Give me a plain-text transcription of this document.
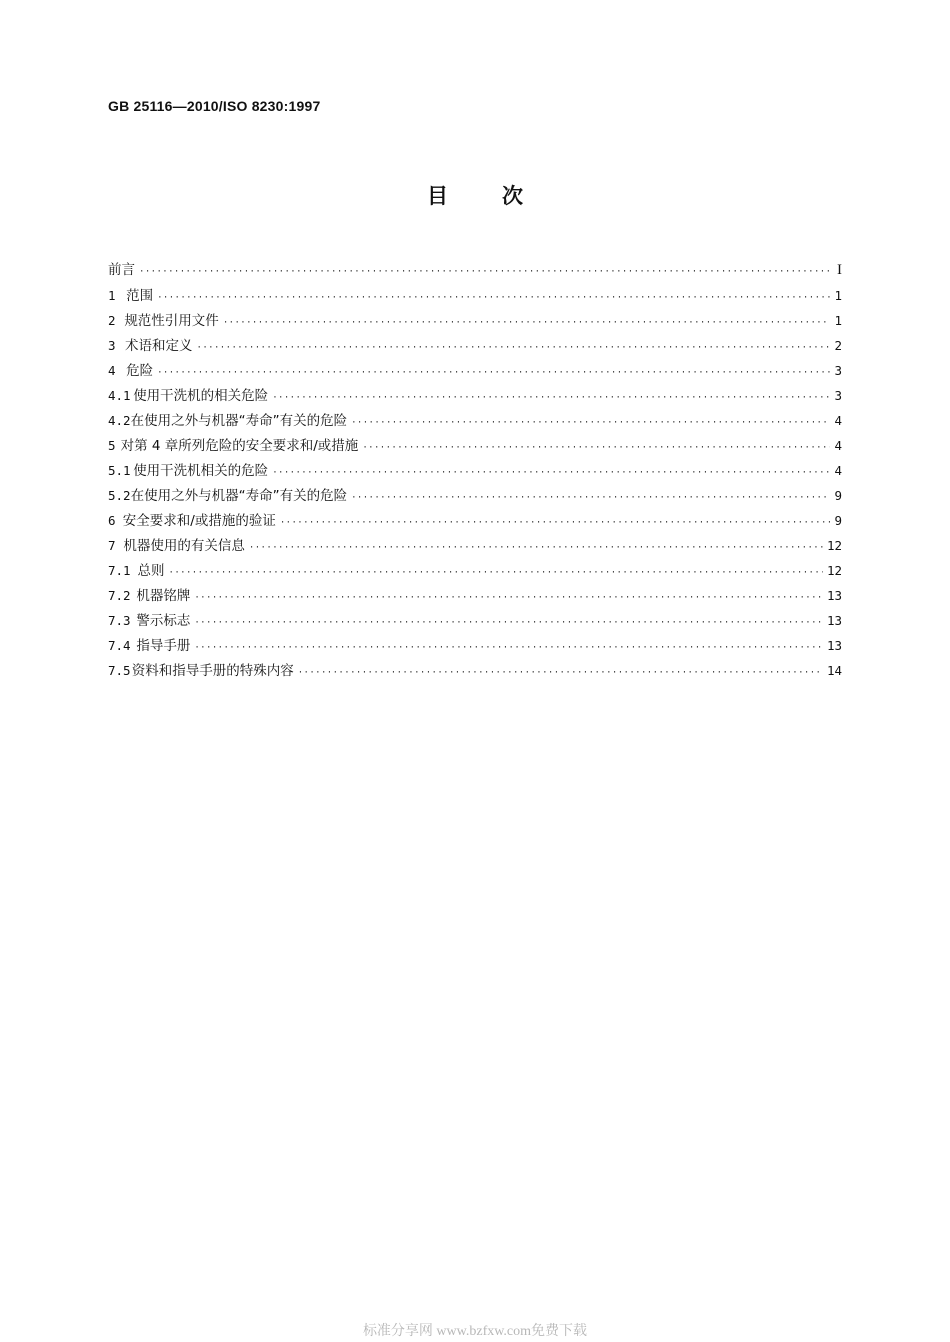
GB 25116—2010/ISO 8230:1997
目	次
前言 ·····	I
1 范围 ·····	1
2 规范性引用文件 ·····	1
3 术语和定义 ·····	2
4 危险 ·····	3
4.1 使用干洗机的相关危险 ·····	3
4.2 在使用之外与机器“寿命”有关的危险 ·····	4
5 对第 4 章所列危险的安全要求和/或措施 ·····	4
5.1 使用干洗机相关的危险 ·····	4
5.2 在使用之外与机器“寿命”有关的危险 ·····	9
6 安全要求和/或措施的验证 ·····	9
7 机器使用的有关信息 ·····	12
7.1 总则 ·····	12
7.2 机器铭牌 ·····	13
7.3 警示标志 ·····	13
7.4 指导手册 ·····	13
7.5 资料和指导手册的特殊内容 ·····	14
标准分享网 www.bzfxw.com免费下载
